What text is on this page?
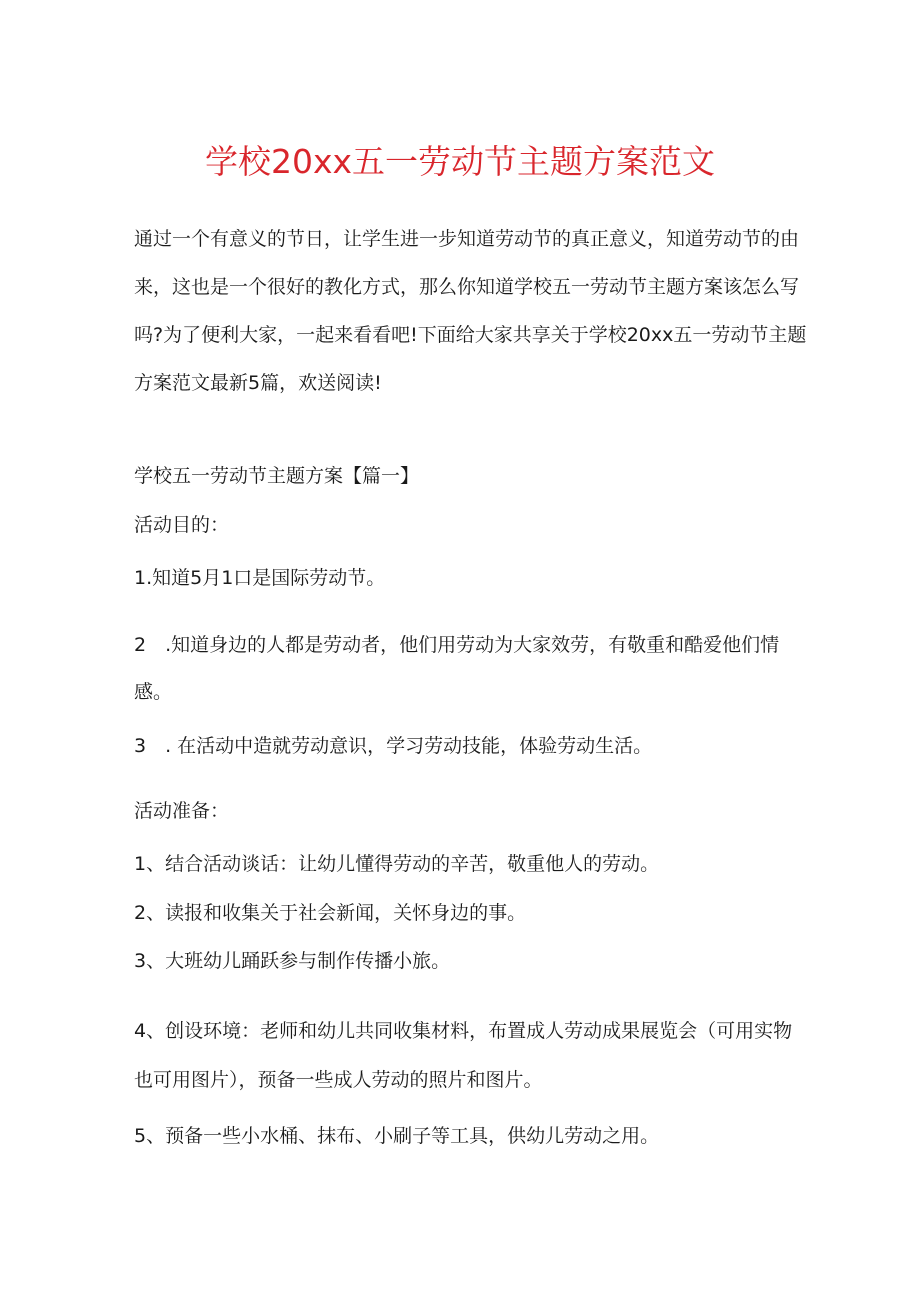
学校20xx五一劳动节主题方案范文
通过一个有意义的节日，让学生进一步知道劳动节的真正意义，知道劳动节的由
来，这也是一个很好的教化方式，那么你知道学校五一劳动节主题方案该怎么写
吗?为了便利大家，一起来看看吧!下面给大家共享关于学校20xx五一劳动节主题
方案范文最新5篇，欢送阅读!
学校五一劳动节主题方案【篇一】
活动目的：
1.知道5月1口是国际劳动节。
2　.知道身边的人都是劳动者，他们用劳动为大家效劳，有敬重和酷爱他们情
感。
3　. 在活动中造就劳动意识，学习劳动技能，体验劳动生活。
活动准备：
1、结合活动谈话：让幼儿懂得劳动的辛苦，敬重他人的劳动。
2、读报和收集关于社会新闻，关怀身边的事。
3、大班幼儿踊跃参与制作传播小旅。
4、创设环境：老师和幼儿共同收集材料，布置成人劳动成果展览会（可用实物
也可用图片），预备一些成人劳动的照片和图片。
5、预备一些小水桶、抹布、小刷子等工具，供幼儿劳动之用。
